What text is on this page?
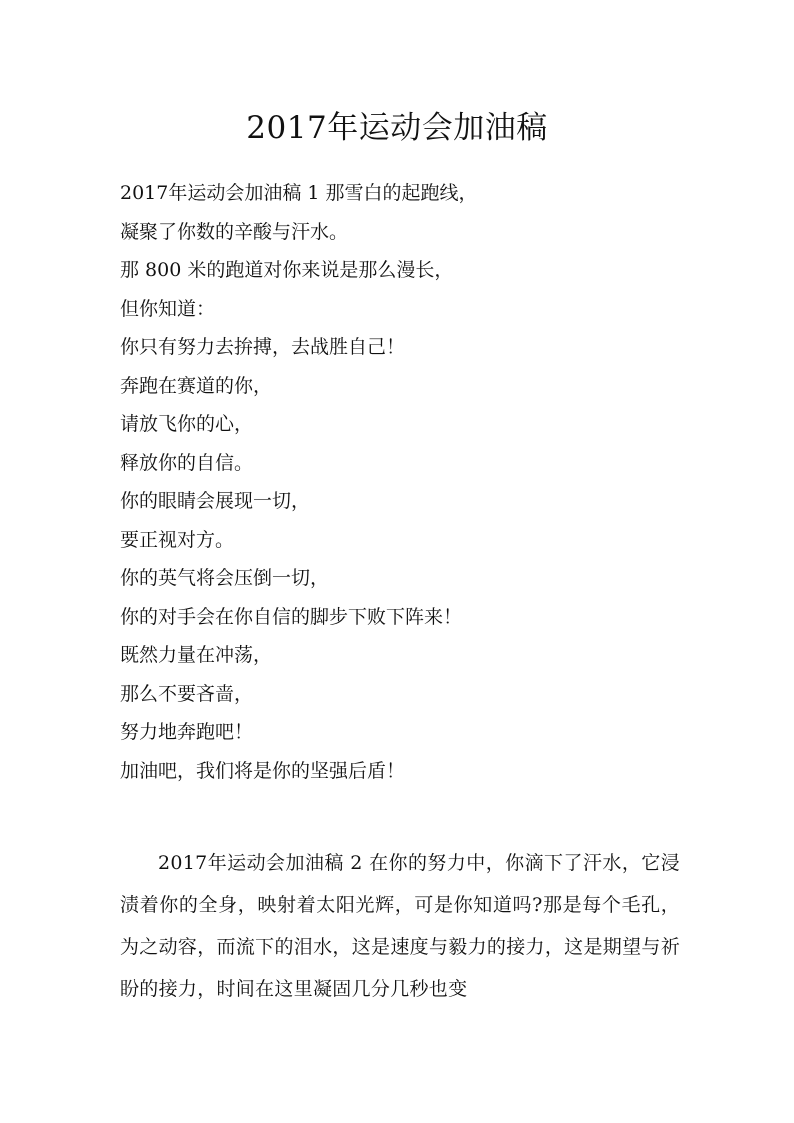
2017年运动会加油稿
2017年运动会加油稿 1 那雪白的起跑线，
凝聚了你数的辛酸与汗水。
那 800 米的跑道对你来说是那么漫长，
但你知道：
你只有努力去拚搏，去战胜自己！
奔跑在赛道的你，
请放飞你的心，
释放你的自信。
你的眼睛会展现一切，
要正视对方。
你的英气将会压倒一切，
你的对手会在你自信的脚步下败下阵来！
既然力量在冲荡，
那么不要吝啬，
努力地奔跑吧！
加油吧，我们将是你的坚强后盾！
2017年运动会加油稿 2 在你的努力中，你滴下了汗水，它浸渍着你的全身，映射着太阳光辉，可是你知道吗?那是每个毛孔，为之动容，而流下的泪水，这是速度与毅力的接力，这是期望与祈盼的接力，时间在这里凝固几分几秒也变
